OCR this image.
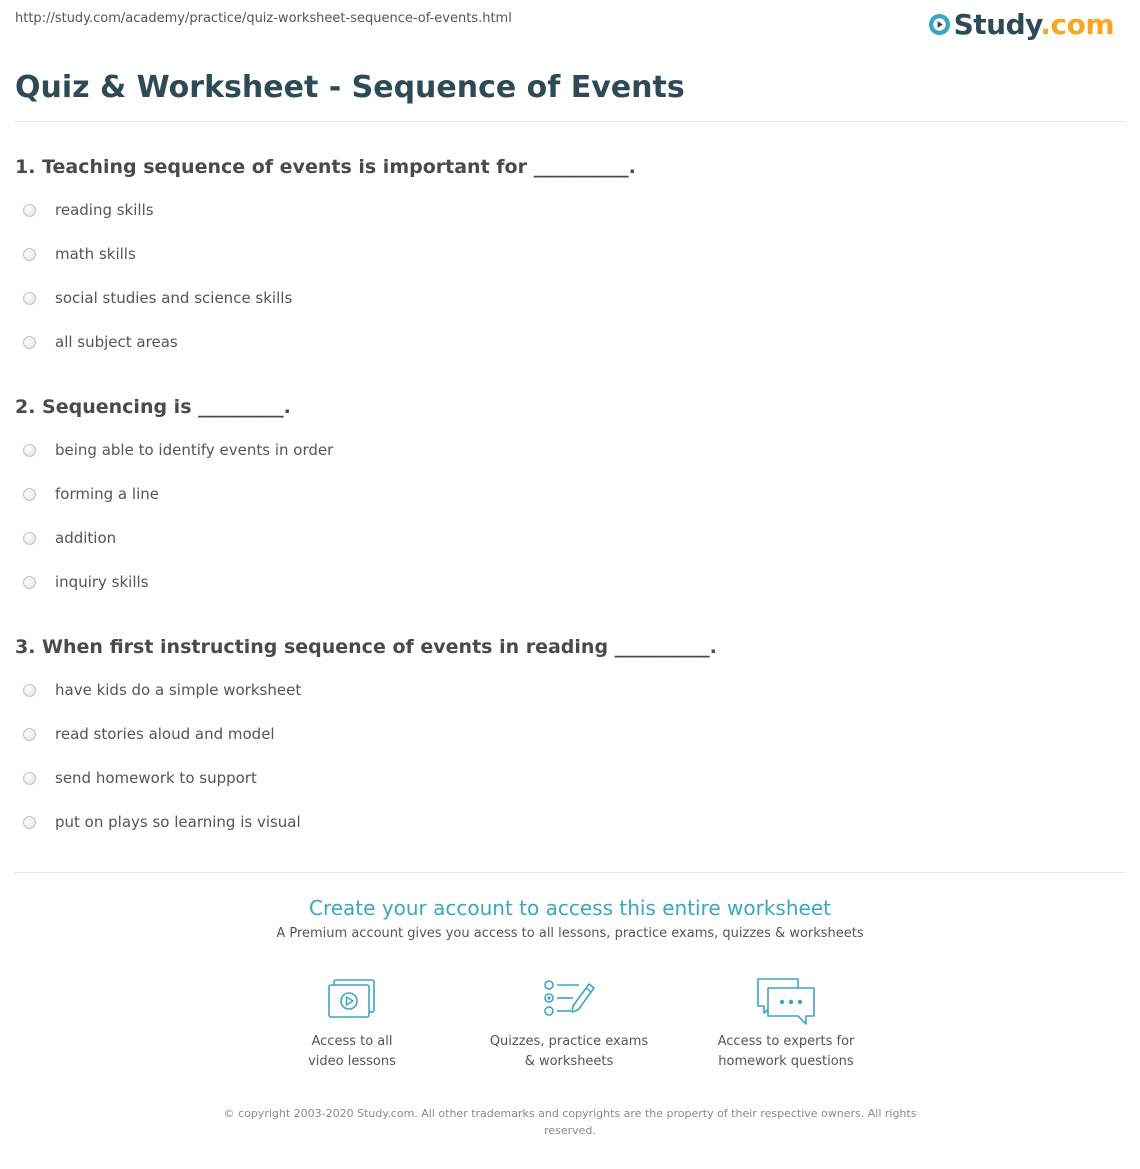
http://study.com/academy/practice/quiz-worksheet-sequence-of-events.html	Study.com
Quiz & Worksheet - Sequence of Events
1. Teaching sequence of events is important for __________.
reading skills
math skills
social studies and science skills
all subject areas
2. Sequencing is _________.
being able to identify events in order
forming a line
addition
inquiry skills
3. When first instructing sequence of events in reading __________.
have kids do a simple worksheet
read stories aloud and model
send homework to support
put on plays so learning is visual
Create your account to access this entire worksheet
A Premium account gives you access to all lessons, practice exams, quizzes & worksheets
Access to all
video lessons
Quizzes, practice exams
& worksheets
Access to experts for
homework questions
© copyright 2003-2020 Study.com. All other trademarks and copyrights are the property of their respective owners. All rights reserved.
